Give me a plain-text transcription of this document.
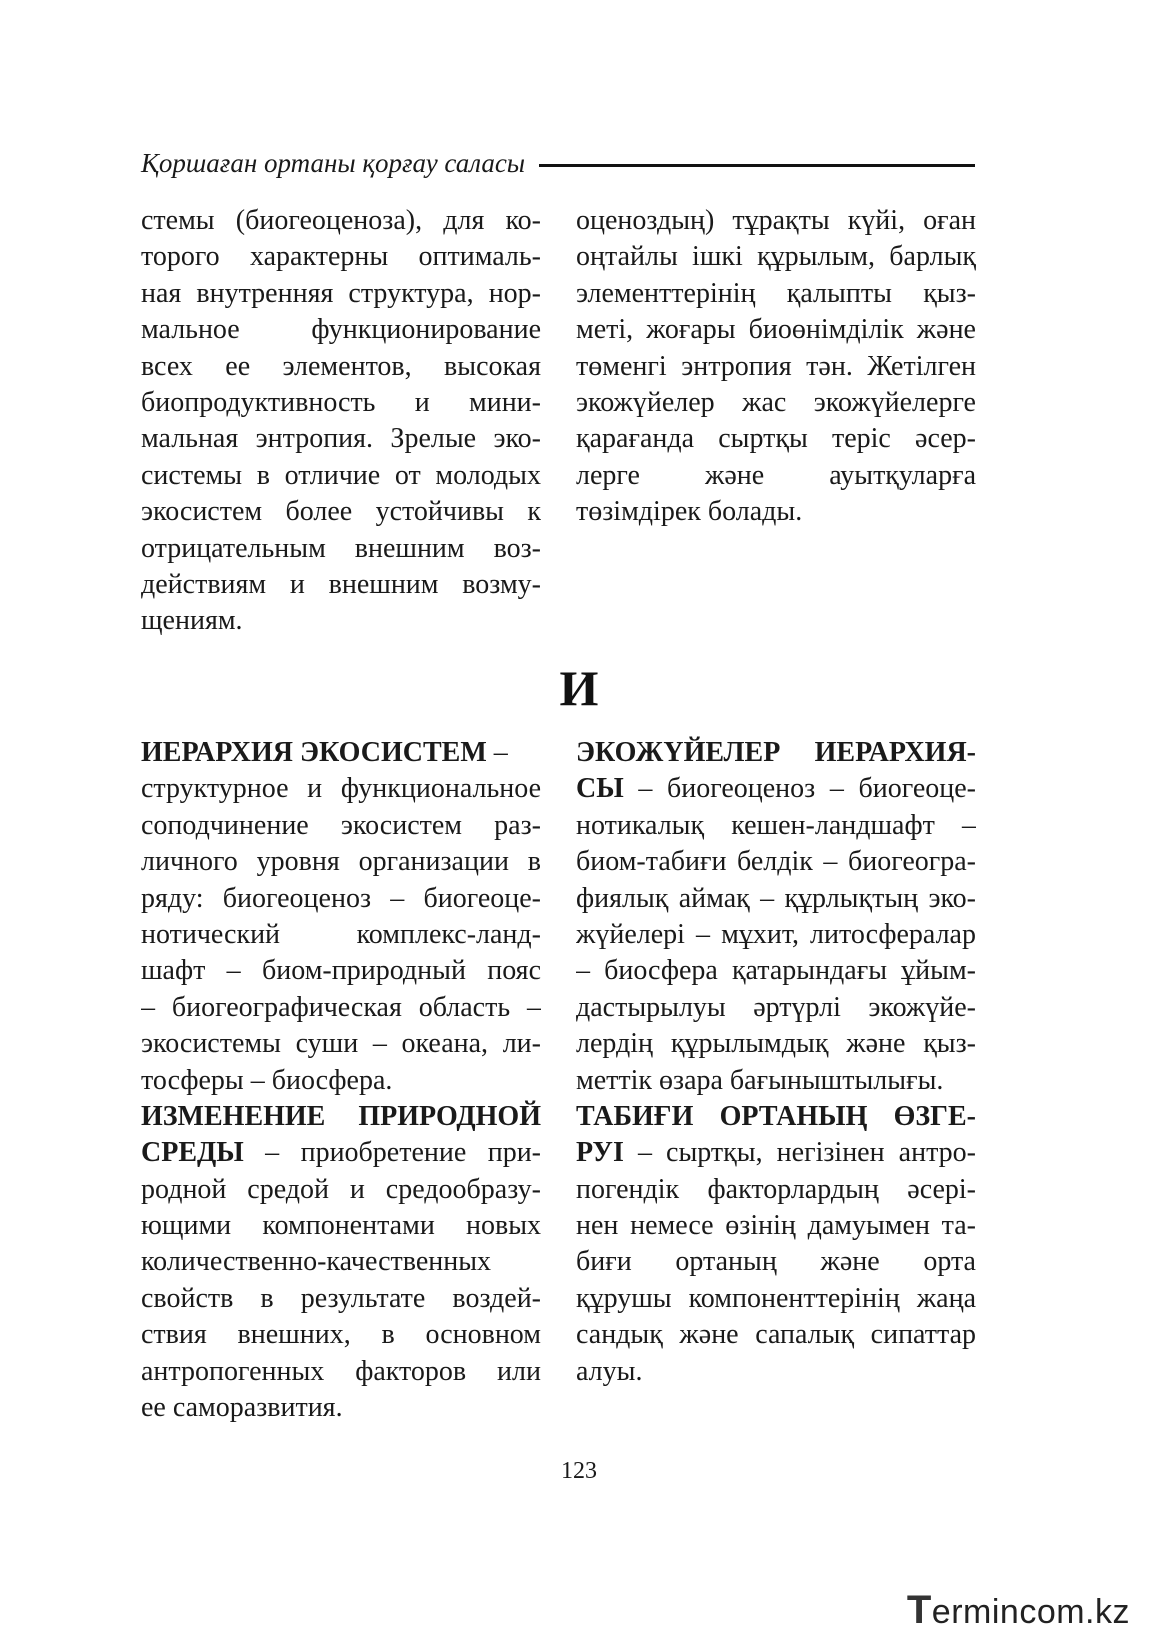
Қоршаған ортаны қорғау саласы
стемы (биогеоценоза), для ко-
торого характерны оптималь-
ная внутренняя структура, нор-
мальное функционирование
всех ее элементов, высокая
биопродуктивность и мини-
мальная энтропия. Зрелые эко-
системы в отличие от молодых
экосистем более устойчивы к
отрицательным внешним воз-
действиям и внешним возму-
щениям.
оценоздың) тұрақты күйі, оған
оңтайлы ішкі құрылым, барлық
элементтерінің қалыпты қыз-
меті, жоғары биоөнімділік және
төменгі энтропия тән. Жетілген
экожүйелер жас экожүйелерге
қарағанда сыртқы теріс әсер-
лерге және ауытқуларға
төзімдірек болады.
И
ИЕРАРХИЯ ЭКОСИСТЕМ –
структурное и функциональное
соподчинение экосистем раз-
личного уровня организации в
ряду: биогеоценоз – биогеоце-
нотический комплекс-ланд-
шафт – биом-природный пояс
– биогеографическая область –
экосистемы суши – океана, ли-
тосферы – биосфера.
ИЗМЕНЕНИЕ ПРИРОДНОЙ
СРЕДЫ – приобретение при-
родной средой и средообразу-
ющими компонентами новых
количественно-качественных
свойств в результате воздей-
ствия внешних, в основном
антропогенных факторов или
ее саморазвития.
ЭКОЖҮЙЕЛЕР ИЕРАРХИЯ-
СЫ – биогеоценоз – биогеоце-
нотикалық кешен-ландшафт –
биом-табиғи белдік – биогеогра-
фиялық аймақ – құрлықтың эко-
жүйелері – мұхит, литосфералар
– биосфера қатарындағы ұйым-
дастырылуы әртүрлі экожүйе-
лердің құрылымдық және қыз-
меттік өзара бағыныштылығы.
ТАБИҒИ ОРТАНЫҢ ӨЗГЕ-
РУІ – сыртқы, негізінен антро-
погендік факторлардың әсері-
нен немесе өзінің дамуымен та-
биғи ортаның және орта
құрушы компоненттерінің жаңа
сандық және сапалық сипаттар
алуы.
123
Termincom.kz
